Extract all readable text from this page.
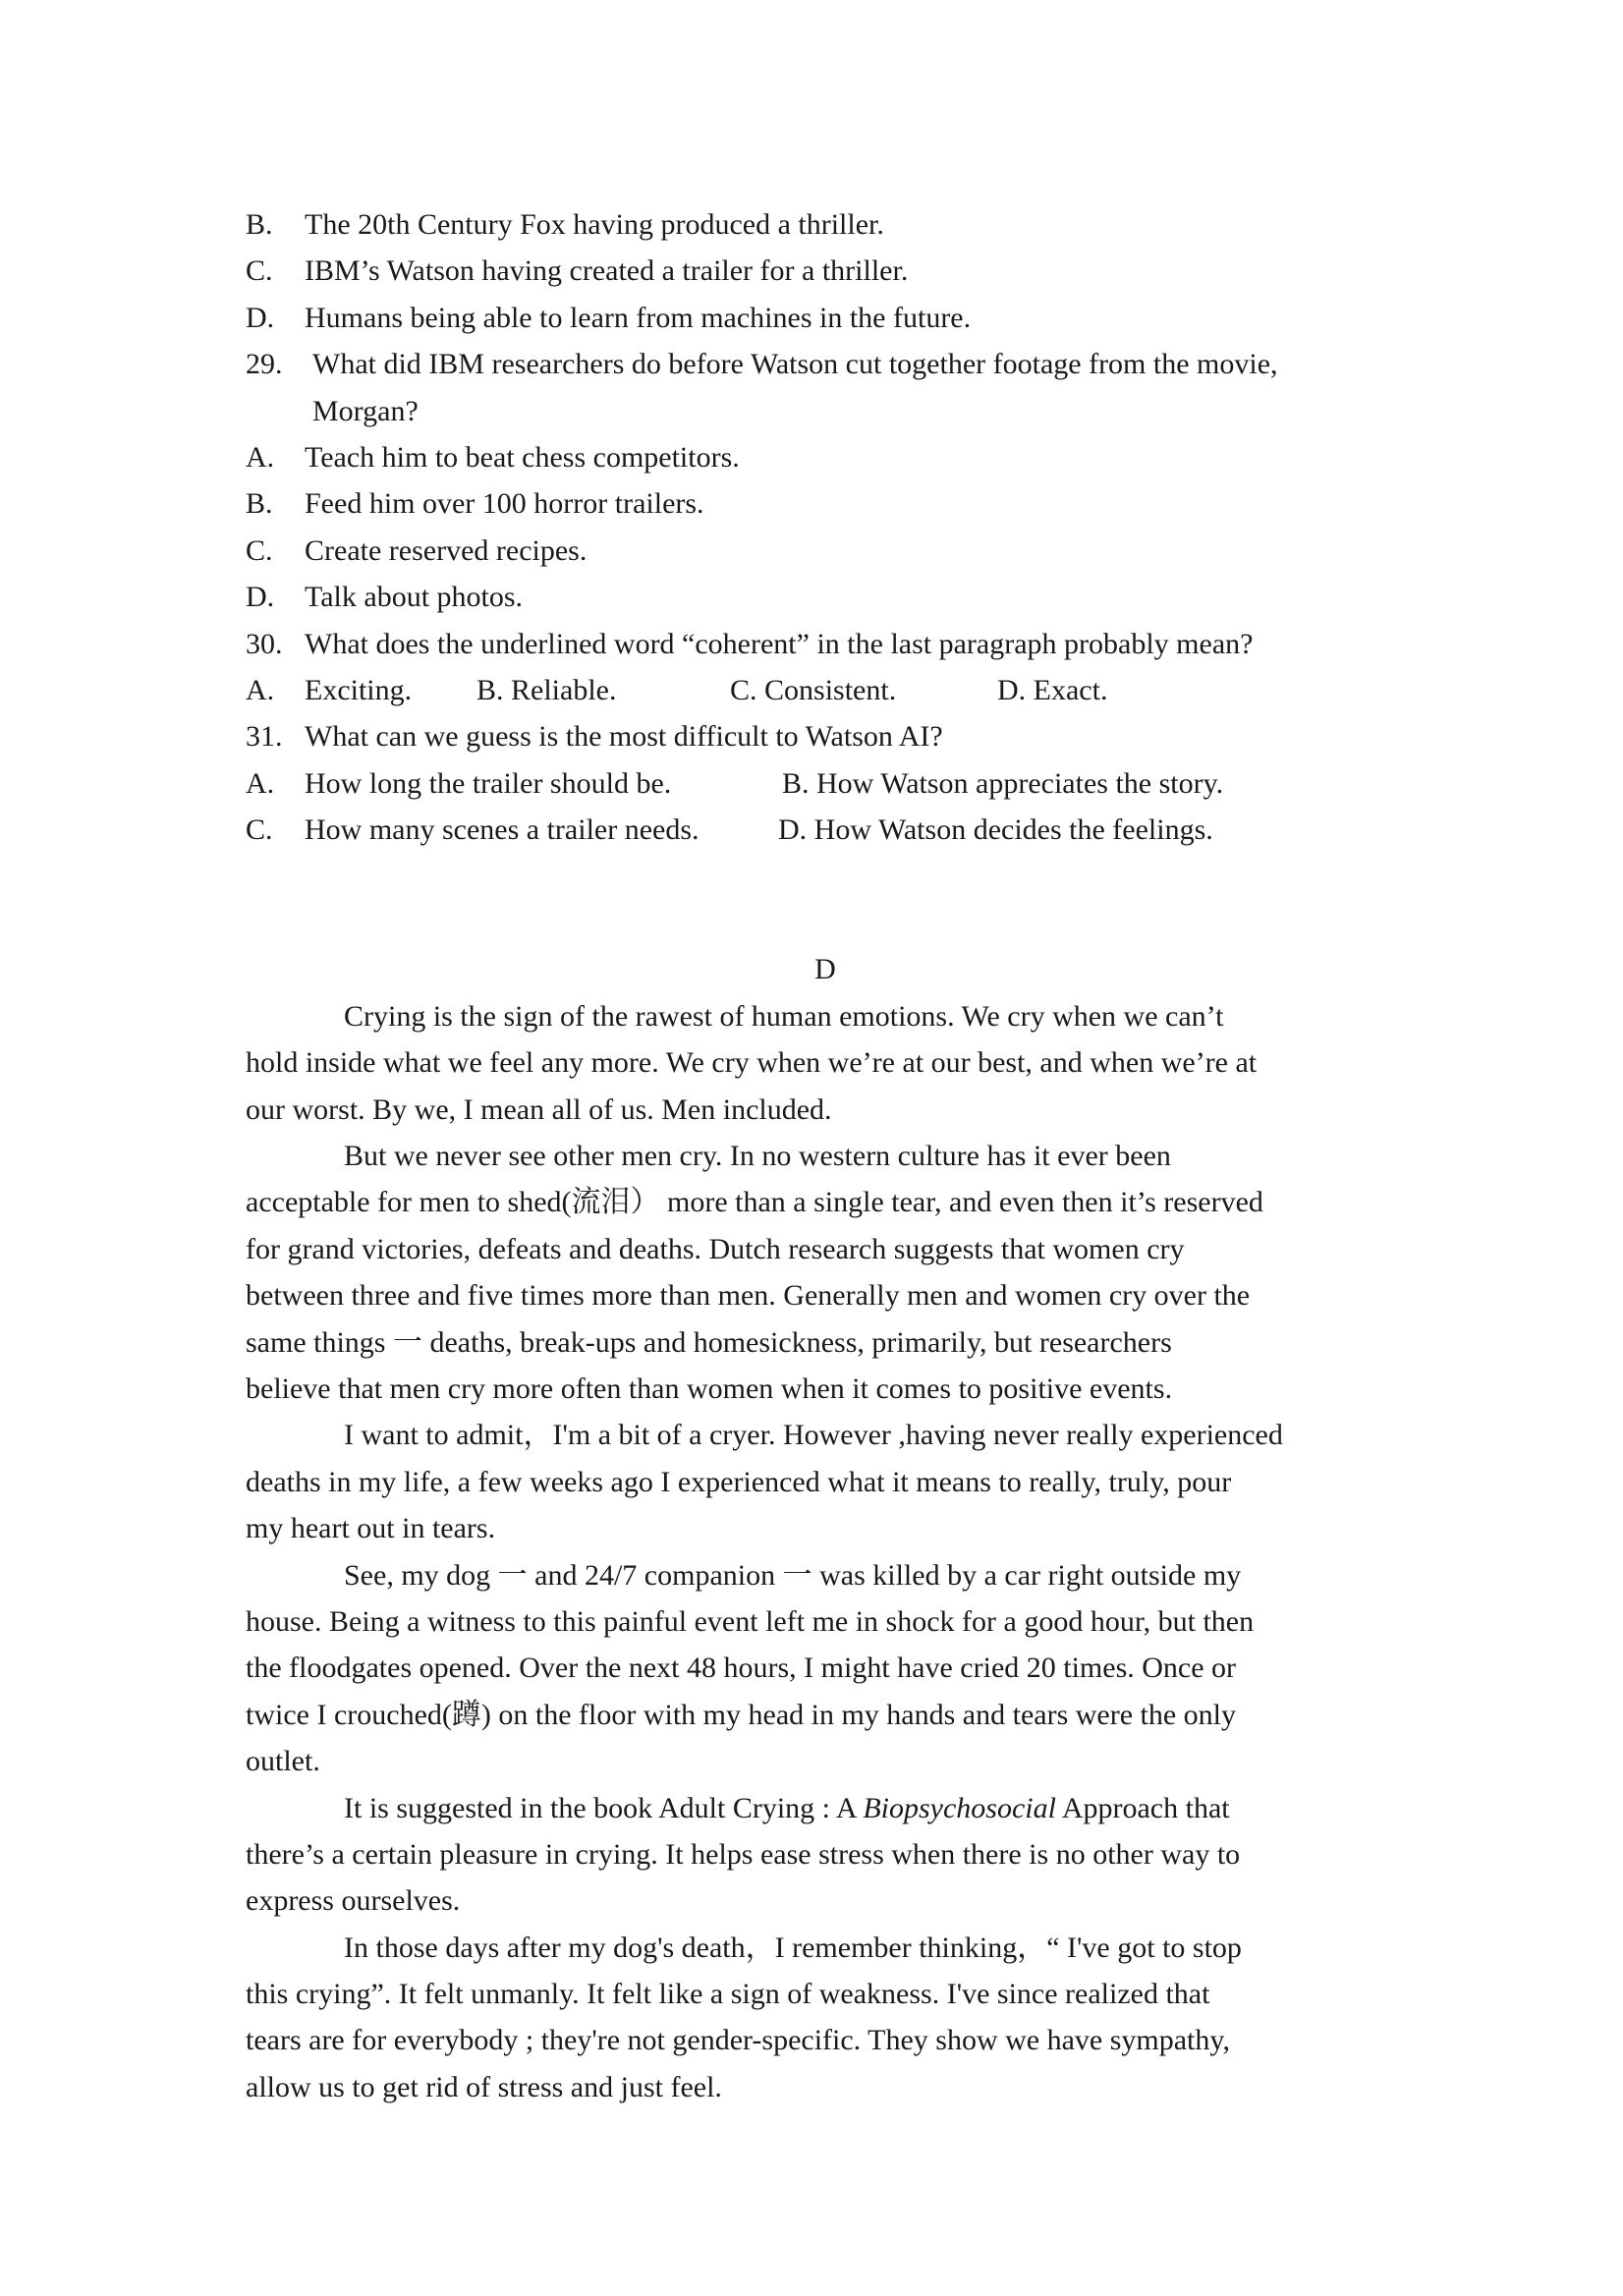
B. The 20th Century Fox having produced a thriller.
C. IBM’s Watson having created a trailer for a thriller.
D. Humans being able to learn from machines in the future.
29. What did IBM researchers do before Watson cut together footage from the movie,
Morgan?
A. Teach him to beat chess competitors.
B. Feed him over 100 horror trailers.
C. Create reserved recipes.
D. Talk about photos.
30. What does the underlined word “coherent” in the last paragraph probably mean?
A. Exciting. B. Reliable.	C. Consistent.	D. Exact.
31. What can we guess is the most difficult to Watson AI?
A. How long the trailer should be.	B. How Watson appreciates the story.
C. How many scenes a trailer needs.	D. How Watson decides the feelings.
D

Crying is the sign of the rawest of human emotions. We cry when we can’t
hold inside what we feel any more. We cry when we’re at our best, and when we’re at
our worst. By we, I mean all of us. Men included.

But we never see other men cry. In no western culture has it ever been
acceptable for men to shed(流泪） more than a single tear, and even then it’s reserved
for grand victories, defeats and deaths. Dutch research suggests that women cry
between three and five times more than men. Generally men and women cry over the
same things 一 deaths, break-ups and homesickness, primarily, but researchers
believe that men cry more often than women when it comes to positive events.

I want to admit，I'm a bit of a cryer. However ,having never really experienced
deaths in my life, a few weeks ago I experienced what it means to really, truly, pour
my heart out in tears.

See, my dog 一 and 24/7 companion 一 was killed by a car right outside my
house. Being a witness to this painful event left me in shock for a good hour, but then
the floodgates opened. Over the next 48 hours, I might have cried 20 times. Once or
twice I crouched(蹲) on the floor with my head in my hands and tears were the only
outlet.

It is suggested in the book Adult Crying : A Biopsychosocial Approach that
there’s a certain pleasure in crying. It helps ease stress when there is no other way to
express ourselves.

In those days after my dog's death，I remember thinking，“ I've got to stop
this crying”. It felt unmanly. It felt like a sign of weakness. I've since realized that
tears are for everybody ; they're not gender-specific. They show we have sympathy,
allow us to get rid of stress and just feel.
